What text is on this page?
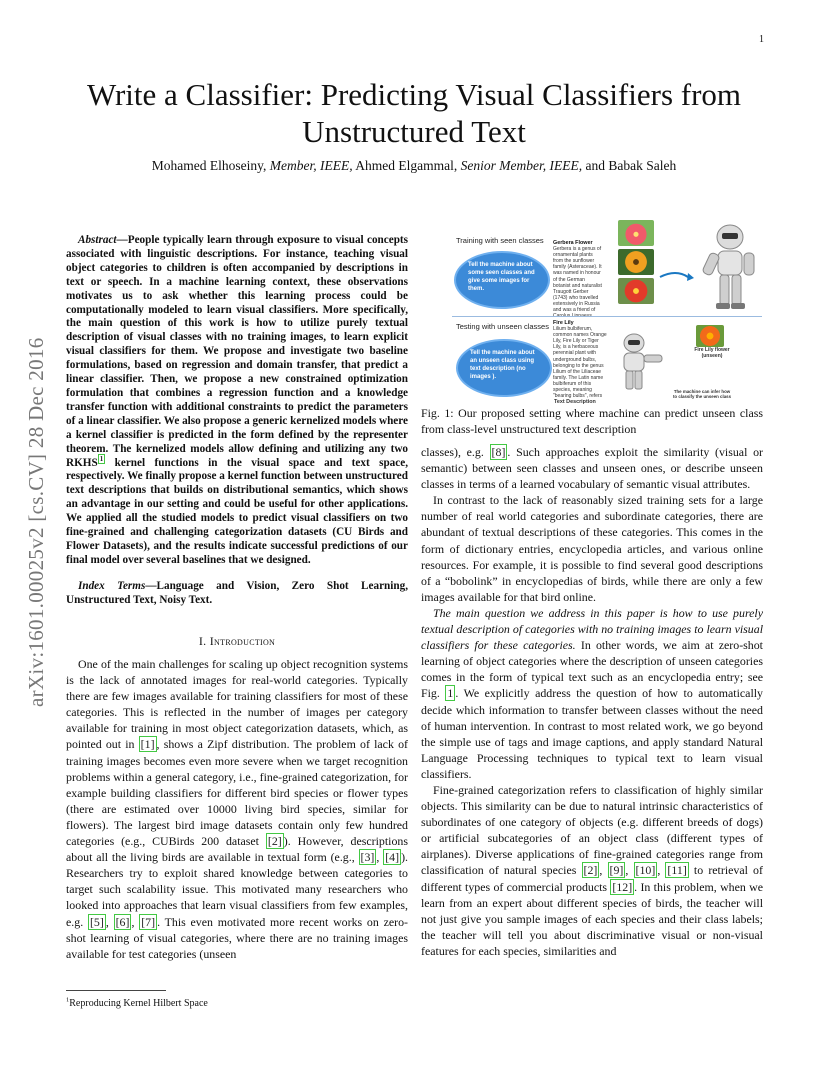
1
arXiv:1601.00025v2 [cs.CV] 28 Dec 2016
Write a Classifier: Predicting Visual Classifiers from Unstructured Text
Mohamed Elhoseiny, Member, IEEE, Ahmed Elgammal, Senior Member, IEEE, and Babak Saleh

Abstract—People typically learn through exposure to visual concepts associated with linguistic descriptions. For instance, teaching visual object categories to children is often accompanied by descriptions in text or speech. In a machine learning context, these observations motivates us to ask whether this learning process could be computationally modeled to learn visual classifiers. More specifically, the main question of this work is how to utilize purely textual description of visual classes with no training images, to learn explicit visual classifiers for them. We propose and investigate two baseline formulations, based on regression and domain transfer, that predict a linear classifier. Then, we propose a new constrained optimization formulation that combines a regression function and a knowledge transfer function with additional constraints to predict the parameters of a linear classifier. We also propose a generic kernelized models where a kernel classifier is predicted in the form defined by the representer theorem. The kernelized models allow defining and utilizing any two RKHS $^1$ kernel functions in the visual space and text space, respectively. We finally propose a kernel function between unstructured text descriptions that builds on distributional semantics, which shows an advantage in our setting and could be useful for other applications. We applied all the studied models to predict visual classifiers on two fine-grained and challenging categorization datasets (CU Birds and Flower Datasets), and the results indicate successful predictions of our final model over several baselines that we designed.

Index Terms—Language and Vision, Zero Shot Learning, Unstructured Text, Noisy Text.

I. Introduction

One of the main challenges for scaling up object recognition systems is the lack of annotated images for real-world categories. Typically there are few images available for training classifiers for most of these categories. This is reflected in the number of images per category available for training in most object categorization datasets, which, as pointed out in [1] , shows a Zipf distribution. The problem of lack of training images becomes even more severe when we target recognition problems within a general category, i.e., fine-grained categorization, for example building classifiers for different bird species or flower types (there are estimated over 10000 living bird species, similar for flowers). The largest bird image datasets contain only few hundred categories (e.g., CUBirds 200 dataset [2] ). However, descriptions about all the living birds are available in textual form (e.g., [3] , [4] ). Researchers try to exploit shared knowledge between categories to target such scalability issue. This motivated many researchers who looked into approaches that learn visual classifiers from few examples, e.g. [5] , [6] , [7] . This even motivated more recent works on zero-shot learning of visual categories, where there are no training images available for test categories (unseen

$^1$Reproducing Kernel Hilbert Space
Training with seen classes
Tell the machine about some seen classes and give some images for them.
Gerbera Flower
Gerbera is a genus of ornamental plants from the sunflower family (Asteraceae). It was named in honour of the German botanist and naturalist Traugott Gerber (1743) who travelled extensively in Russia and was a friend of Carolus Linnaeus.
Testing with unseen classes
Tell the machine about an unseen class using text description (no images ).
Fire Lily
Lilium bulbiferum, common names Orange Lily, Fire Lily or Tiger Lily, is a herbaceous perennial plant with underground bulbs, belonging to the genus Lilium of the Liliaceae family. The Latin name bulbiferum of this species, meaning "bearing bulbs", refers
Text Description
Fire Lily flower (unseen)
The machine can infer how to classify the unseen class
Fig. 1: Our proposed setting where machine can predict unseen class from class-level unstructured text description

classes), e.g. [8] . Such approaches exploit the similarity (visual or semantic) between seen classes and unseen ones, or describe unseen classes in terms of a learned vocabulary of semantic visual attributes.

In contrast to the lack of reasonably sized training sets for a large number of real world categories and subordinate categories, there are abundant of textual descriptions of these categories. This comes in the form of dictionary entries, encyclopedia articles, and various online resources. For example, it is possible to find several good descriptions of a “bobolink” in encyclopedias of birds, while there are only a few images available for that bird online.

The main question we address in this paper is how to use purely textual description of categories with no training images to learn visual classifiers for these categories. In other words, we aim at zero-shot learning of object categories where the description of unseen categories comes in the form of typical text such as an encyclopedia entry; see Fig. 1 . We explicitly address the question of how to automatically decide which information to transfer between classes without the need of human intervention. In contrast to most related work, we go beyond the simple use of tags and image captions, and apply standard Natural Language Processing techniques to typical text to learn visual classifiers.

Fine-grained categorization refers to classification of highly similar objects. This similarity can be due to natural intrinsic characteristics of subordinates of one category of objects (e.g. different breeds of dogs) or artificial subcategories of an object class (different types of airplanes). Diverse applications of fine-grained categories range from classification of natural species [2] , [9] , [10] , [11] to retrieval of different types of commercial products [12] . In this problem, when we learn from an expert about different species of birds, the teacher will not just give you sample images of each species and their class labels; the teacher will tell you about discriminative visual or non-visual features for each species, similarities and
